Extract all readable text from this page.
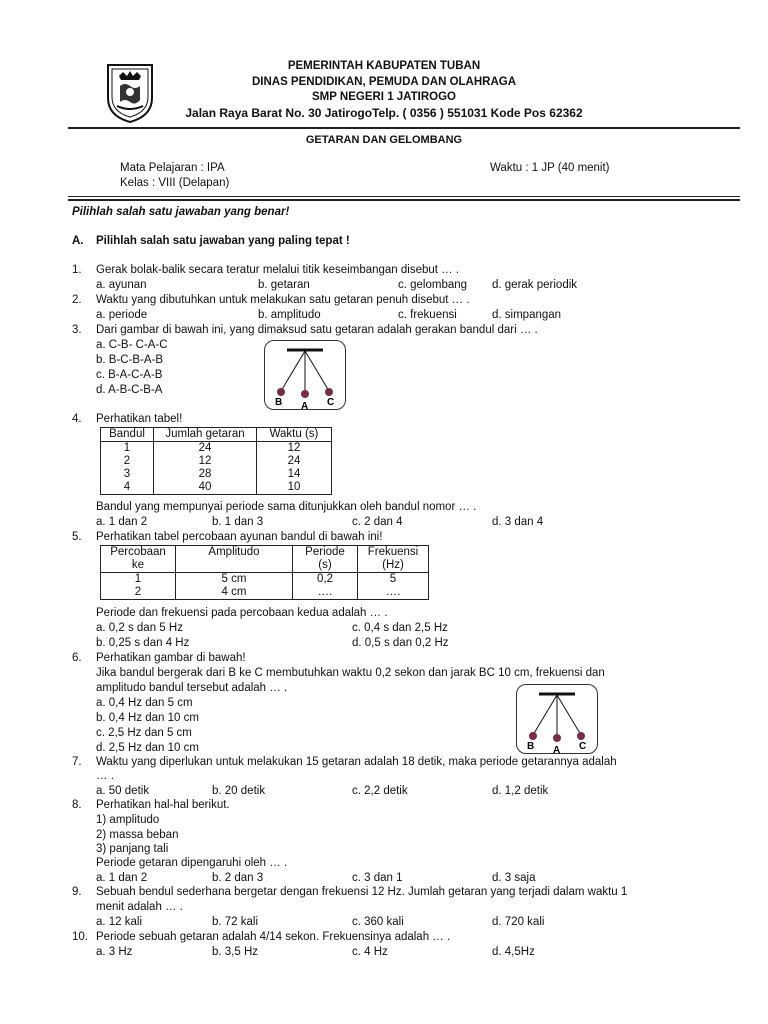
PEMERINTAH KABUPATEN TUBAN
DINAS PENDIDIKAN, PEMUDA DAN OLAHRAGA
SMP NEGERI 1 JATIROGO
Jalan Raya Barat No. 30 JatirogoTelp. ( 0356 ) 551031 Kode Pos 62362
GETARAN DAN GELOMBANG
Mata Pelajaran : IPA	Waktu : 1 JP (40 menit)
Kelas : VIII (Delapan)
Pilihlah salah satu jawaban yang benar!
A. Pilihlah salah satu jawaban yang paling tepat !
1. Gerak bolak-balik secara teratur melalui titik keseimbangan disebut … .
a. ayunan	b. getaran	c. gelombang d. gerak periodik
2. Waktu yang dibutuhkan untuk melakukan satu getaran penuh disebut … .
a. periode	b. amplitudo	c. frekuensi	d. simpangan
3. Dari gambar di bawah ini, yang dimaksud satu getaran adalah gerakan bandul dari … .
a. C-B- C-A-C
b. B-C-B-A-B
c. B-A-C-A-B
d. A-B-C-B-A
B A C
4. Perhatikan tabel!
Bandul	Jumlah getaran	Waktu (s)
1	24	12
2	12	24
3	28	14
4	40	10
Bandul yang mempunyai periode sama ditunjukkan oleh bandul nomor … .
a. 1 dan 2	b. 1 dan 3	c. 2 dan 4	d. 3 dan 4
5. Perhatikan tabel percobaan ayunan bandul di bawah ini!
Percobaan	Amplitudo	Periode	Frekuensi
ke		(s)	(Hz)
1	5 cm	0,2	5
2	4 cm	….	….
Periode dan frekuensi pada percobaan kedua adalah … .
a. 0,2 s dan 5 Hz	c. 0,4 s dan 2,5 Hz
b. 0,25 s dan 4 Hz	d. 0,5 s dan 0,2 Hz
6. Perhatikan gambar di bawah!
Jika bandul bergerak dari B ke C membutuhkan waktu 0,2 sekon dan jarak BC 10 cm, frekuensi dan
amplitudo bandul tersebut adalah … .
a. 0,4 Hz dan 5 cm
b. 0,4 Hz dan 10 cm
c. 2,5 Hz dan 5 cm
d. 2,5 Hz dan 10 cm	B A C
7. Waktu yang diperlukan untuk melakukan 15 getaran adalah 18 detik, maka periode getarannya adalah
… .
a. 50 detik	b. 20 detik	c. 2,2 detik	d. 1,2 detik
8. Perhatikan hal-hal berikut.
1) amplitudo
2) massa beban
3) panjang tali
Periode getaran dipengaruhi oleh … .
a. 1 dan 2	b. 2 dan 3	c. 3 dan 1	d. 3 saja
9. Sebuah bendul sederhana bergetar dengan frekuensi 12 Hz. Jumlah getaran yang terjadi dalam waktu 1
menit adalah … .
a. 12 kali	b. 72 kali	c. 360 kali	d. 720 kali
10. Periode sebuah getaran adalah 4/14 sekon. Frekuensinya adalah … .
a. 3 Hz	b. 3,5 Hz	c. 4 Hz	d. 4,5Hz
